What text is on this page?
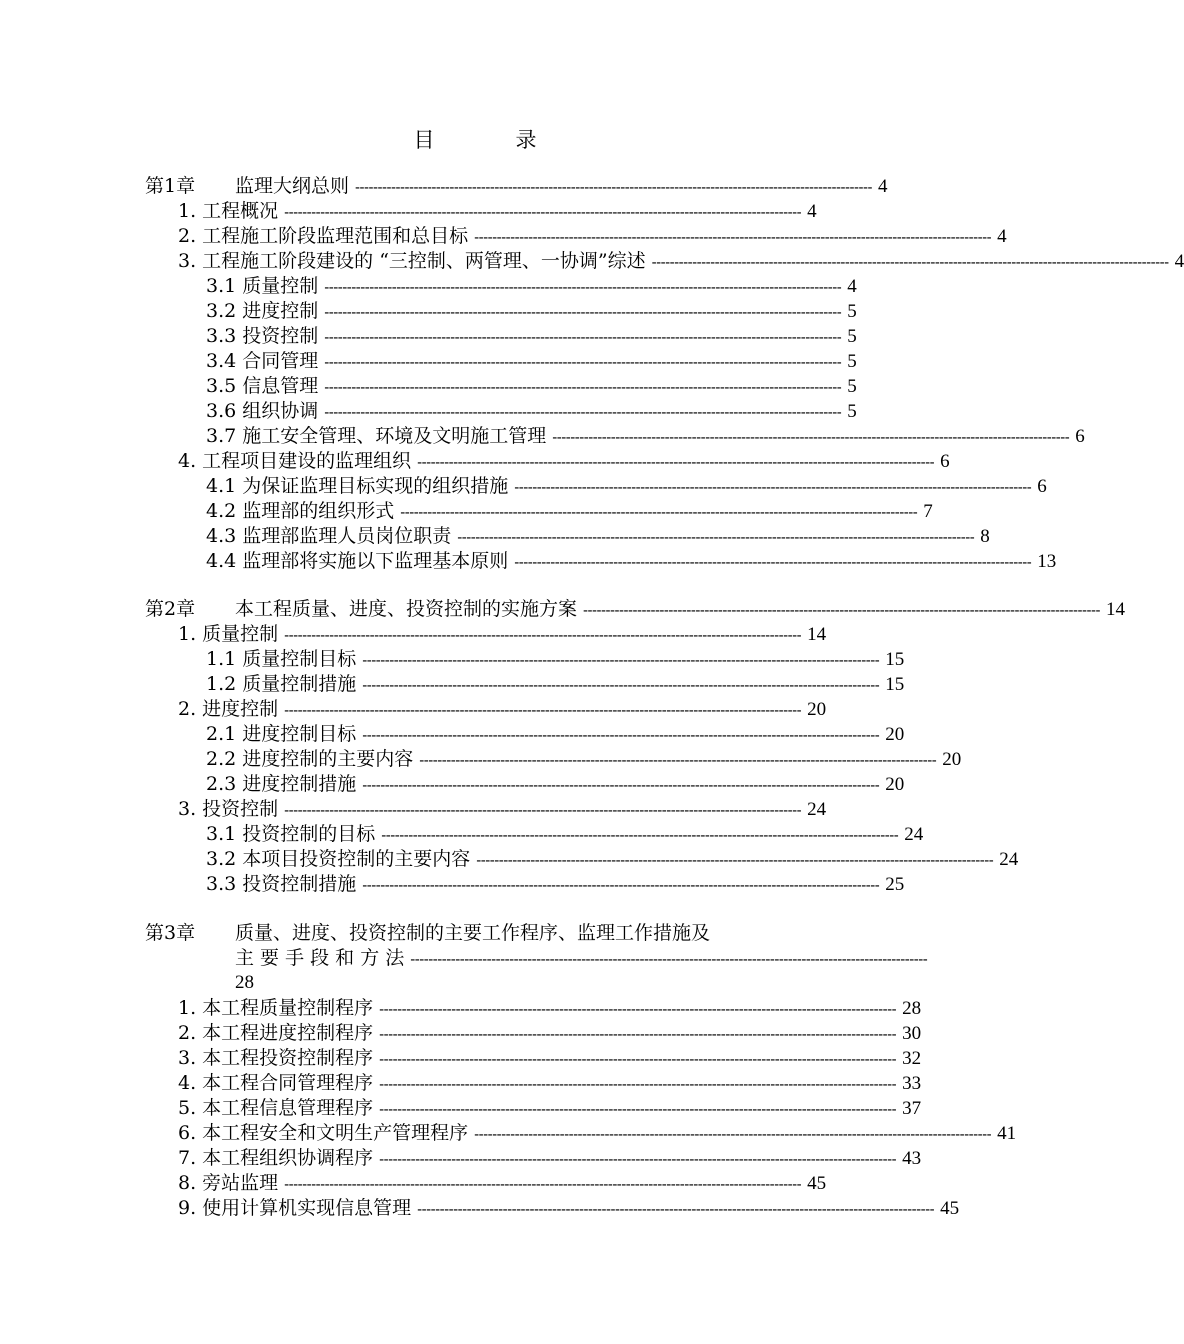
目　录
第1章 监理大纲总则 ------------------------------------------------------------------------------------------------------------------- 4
1. 工程概况 ------------------------------------------------------------------------------------------------------------------- 4
2. 工程施工阶段监理范围和总目标 ------------------------------------------------------------------------------------------------------------------- 4
3. 工程施工阶段建设的 “三控制、两管理、一协调”综述 ------------------------------------------------------------------------------------------------------------------- 4
3.1 质量控制 ------------------------------------------------------------------------------------------------------------------- 4
3.2 进度控制 ------------------------------------------------------------------------------------------------------------------- 5
3.3 投资控制 ------------------------------------------------------------------------------------------------------------------- 5
3.4 合同管理 ------------------------------------------------------------------------------------------------------------------- 5
3.5 信息管理 ------------------------------------------------------------------------------------------------------------------- 5
3.6 组织协调 ------------------------------------------------------------------------------------------------------------------- 5
3.7 施工安全管理、环境及文明施工管理 ------------------------------------------------------------------------------------------------------------------- 6
4. 工程项目建设的监理组织 ------------------------------------------------------------------------------------------------------------------- 6
4.1 为保证监理目标实现的组织措施 ------------------------------------------------------------------------------------------------------------------- 6
4.2 监理部的组织形式 ------------------------------------------------------------------------------------------------------------------- 7
4.3 监理部监理人员岗位职责 ------------------------------------------------------------------------------------------------------------------- 8
4.4 监理部将实施以下监理基本原则 ------------------------------------------------------------------------------------------------------------------- 13
第2章 本工程质量、进度、投资控制的实施方案 ------------------------------------------------------------------------------------------------------------------- 14
1. 质量控制 ------------------------------------------------------------------------------------------------------------------- 14
1.1 质量控制目标 ------------------------------------------------------------------------------------------------------------------- 15
1.2 质量控制措施 ------------------------------------------------------------------------------------------------------------------- 15
2. 进度控制 ------------------------------------------------------------------------------------------------------------------- 20
2.1 进度控制目标 ------------------------------------------------------------------------------------------------------------------- 20
2.2 进度控制的主要内容 ------------------------------------------------------------------------------------------------------------------- 20
2.3 进度控制措施 ------------------------------------------------------------------------------------------------------------------- 20
3. 投资控制 ------------------------------------------------------------------------------------------------------------------- 24
3.1 投资控制的目标 ------------------------------------------------------------------------------------------------------------------- 24
3.2 本项目投资控制的主要内容 ------------------------------------------------------------------------------------------------------------------- 24
3.3 投资控制措施 ------------------------------------------------------------------------------------------------------------------- 25
第3章 质量、进度、投资控制的主要工作程序、监理工作措施及
主 要 手 段 和 方 法 -------------------------------------------------------------------------------------------------------------------
28
1. 本工程质量控制程序 ------------------------------------------------------------------------------------------------------------------- 28
2. 本工程进度控制程序 ------------------------------------------------------------------------------------------------------------------- 30
3. 本工程投资控制程序 ------------------------------------------------------------------------------------------------------------------- 32
4. 本工程合同管理程序 ------------------------------------------------------------------------------------------------------------------- 33
5. 本工程信息管理程序 ------------------------------------------------------------------------------------------------------------------- 37
6. 本工程安全和文明生产管理程序 ------------------------------------------------------------------------------------------------------------------- 41
7. 本工程组织协调程序 ------------------------------------------------------------------------------------------------------------------- 43
8. 旁站监理 ------------------------------------------------------------------------------------------------------------------- 45
9. 使用计算机实现信息管理 ------------------------------------------------------------------------------------------------------------------- 45
